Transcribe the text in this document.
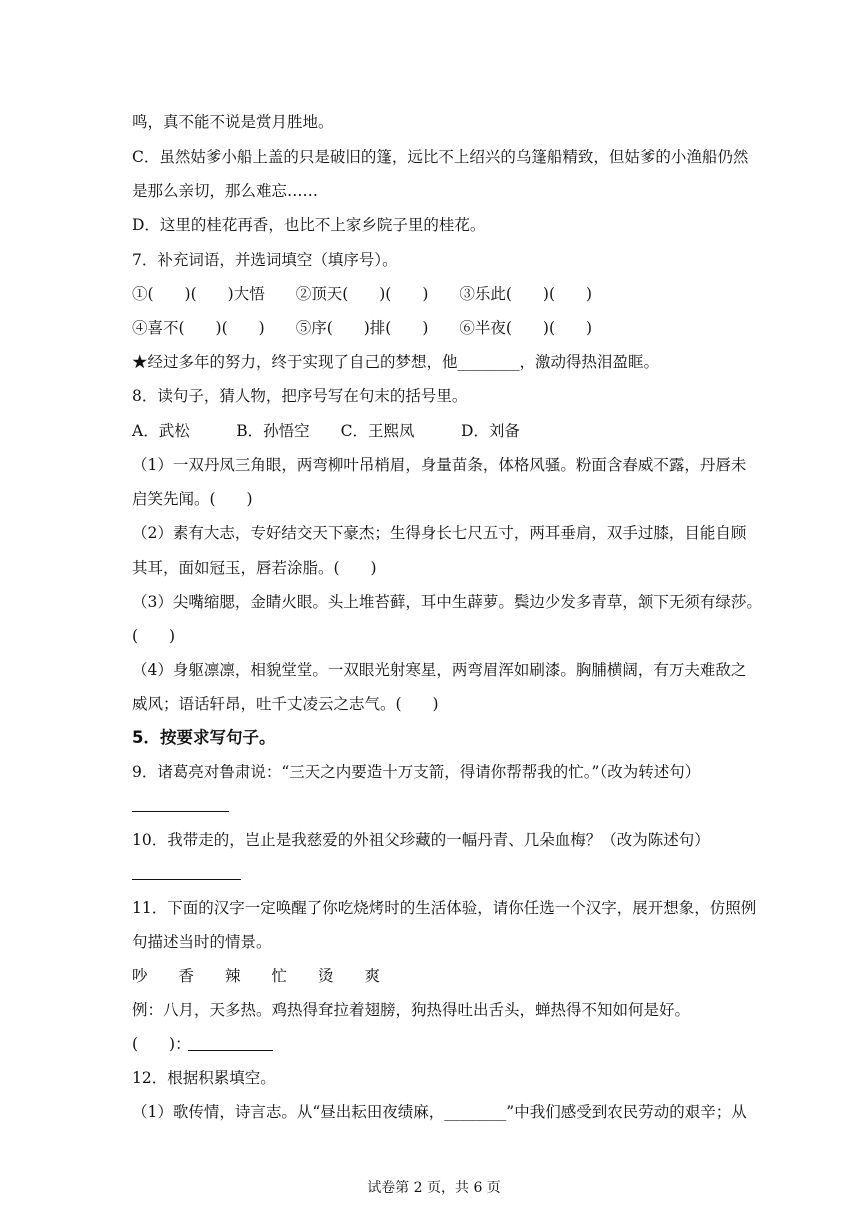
鸣，真不能不说是赏月胜地。
C．虽然姑爹小船上盖的只是破旧的篷，远比不上绍兴的乌篷船精致，但姑爹的小渔船仍然
是那么亲切，那么难忘……
D．这里的桂花再香，也比不上家乡院子里的桂花。
7．补充词语，并选词填空（填序号）。
①(　　)(　　)大悟　　②顶天(　　)(　　)　　③乐此(　　)(　　)
④喜不(　　)(　　)　　⑤序(　　)排(　　)　　⑥半夜(　　)(　　)
★经过多年的努力，终于实现了自己的梦想，他________，激动得热泪盈眶。
8．读句子，猜人物，把序号写在句末的括号里。
A．武松　　　B．孙悟空　　C．王熙凤　　　D．刘备
（1）一双丹凤三角眼，两弯柳叶吊梢眉，身量苗条，体格风骚。粉面含春威不露，丹唇未
启笑先闻。(　　)
（2）素有大志，专好结交天下豪杰；生得身长七尺五寸，两耳垂肩，双手过膝，目能自顾
其耳，面如冠玉，唇若涂脂。(　　)
（3）尖嘴缩腮，金睛火眼。头上堆苔藓，耳中生薜萝。鬓边少发多青草，颔下无须有绿莎。
(　　)
（4）身躯凛凛，相貌堂堂。一双眼光射寒星，两弯眉浑如刷漆。胸脯横阔，有万夫难敌之
威风；语话轩昂，吐千丈凌云之志气。(　　)
5．按要求写句子。
9．诸葛亮对鲁肃说：“三天之内要造十万支箭，得请你帮帮我的忙。”（改为转述句）
10．我带走的，岂止是我慈爱的外祖父珍藏的一幅丹青、几朵血梅？（改为陈述句）
11．下面的汉字一定唤醒了你吃烧烤时的生活体验，请你任选一个汉字，展开想象，仿照例
句描述当时的情景。
吵　　香　　辣　　忙　　烫　　爽
例：八月，天多热。鸡热得耷拉着翅膀，狗热得吐出舌头，蝉热得不知如何是好。
(　　)：
12．根据积累填空。
（1）歌传情，诗言志。从“昼出耘田夜绩麻，________”中我们感受到农民劳动的艰辛；从
试卷第 2 页，共 6 页
